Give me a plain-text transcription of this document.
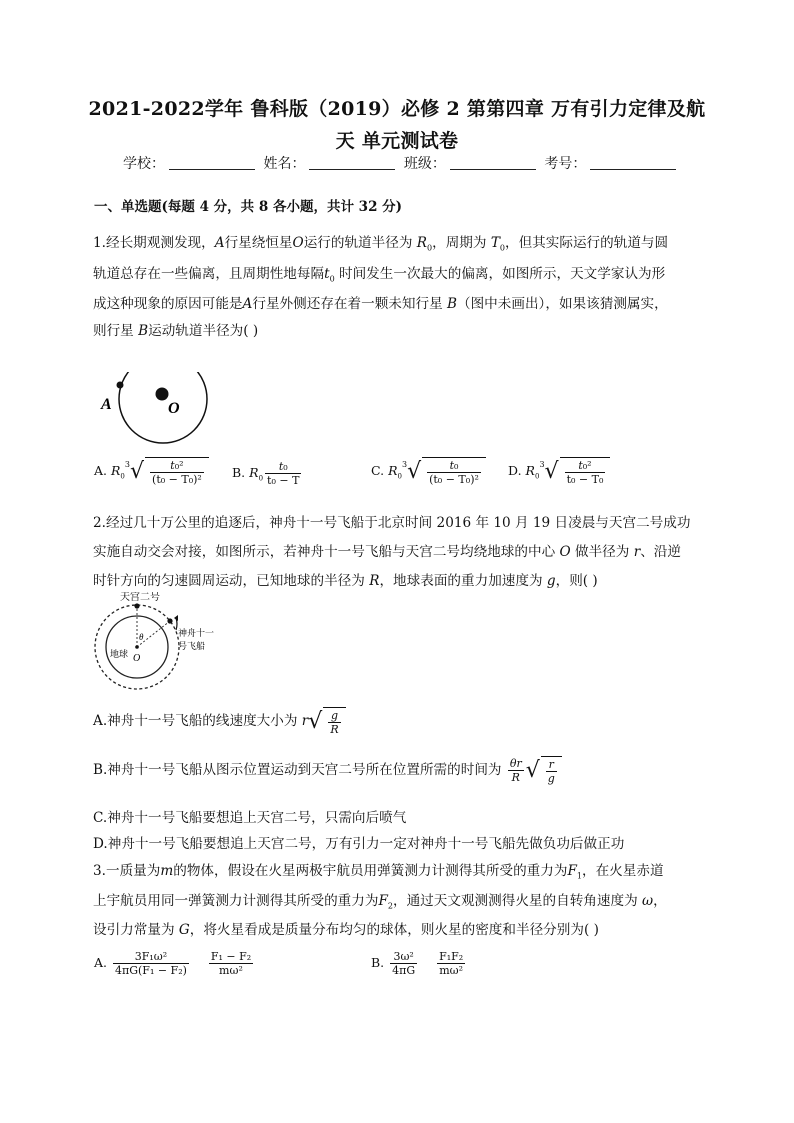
2021-2022学年 鲁科版（2019）必修 2 第第四章 万有引力定律及航
天 单元测试卷
学校：	姓名：	班级：	考号：
一、单选题(每题 4 分，共 8 各小题，共计 32 分)
1.经长期观测发现，A行星绕恒星O运行的轨道半径为 $R_0$，周期为 $T_0$，但其实际运行的轨道与圆
轨道总存在一些偏离，且周期性地每隔$t_0$ 时间发生一次最大的偏离，如图所示，天文学家认为形
成这种现象的原因可能是A行星外侧还存在着一颗未知行星 B（图中未画出），如果该猜测属实，
则行星 B运动轨道半径为( )
A	O
A. $R_0^3√ \frac{\text{t₀²}}{\text{(t₀ − T₀)²}} B$. $R_0 \frac{\text{t₀}}{\text{t₀ − T}}$	C. $R_0^3√ \frac{\text{t₀}}{\text{(t₀ − T₀)²}} D$. $R_0^3√ \frac{\text{t₀²}}{\text{t₀ − T₀}}$
2.经过几十万公里的追逐后，神舟十一号飞船于北京时间 2016 年 10 月 19 日凌晨与天宫二号成功
实施自动交会对接，如图所示，若神舟十一号飞船与天宫二号均绕地球的中心 O 做半径为 r、沿逆
时针方向的匀速圆周运动，已知地球的半径为 R，地球表面的重力加速度为 g，则( )
天宫二号
神舟十一
号飞船
地球 O
θ
A.神舟十一号飞船的线速度大小为 $r√ \frac{g}{R}$
B.神舟十一号飞船从图示位置运动到天宫二号所在位置所需的时间为 $\frac{\theta r}{R}$ √ $\frac{r}{g}$
C.神舟十一号飞船要想追上天宫二号，只需向后喷气
D.神舟十一号飞船要想追上天宫二号，万有引力一定对神舟十一号飞船先做负功后做正功
3.一质量为m的物体，假设在火星两极宇航员用弹簧测力计测得其所受的重力为$F_1$，在火星赤道
上宇航员用同一弹簧测力计测得其所受的重力为$F_2$，通过天文观测测得火星的自转角速度为 ω，
设引力常量为 G，将火星看成是质量分布均匀的球体，则火星的密度和半径分别为( )
A. $\frac{\text{3F₁ω²}}{\text{4πG(F₁ − F₂)}}$
$\frac{\text{F₁ − F₂}}{\text{mω²}}$	B. $\frac{\text{3ω²}}{4\pi G}$
$\frac{\text{F₁F₂}}{\text{mω²}}$
